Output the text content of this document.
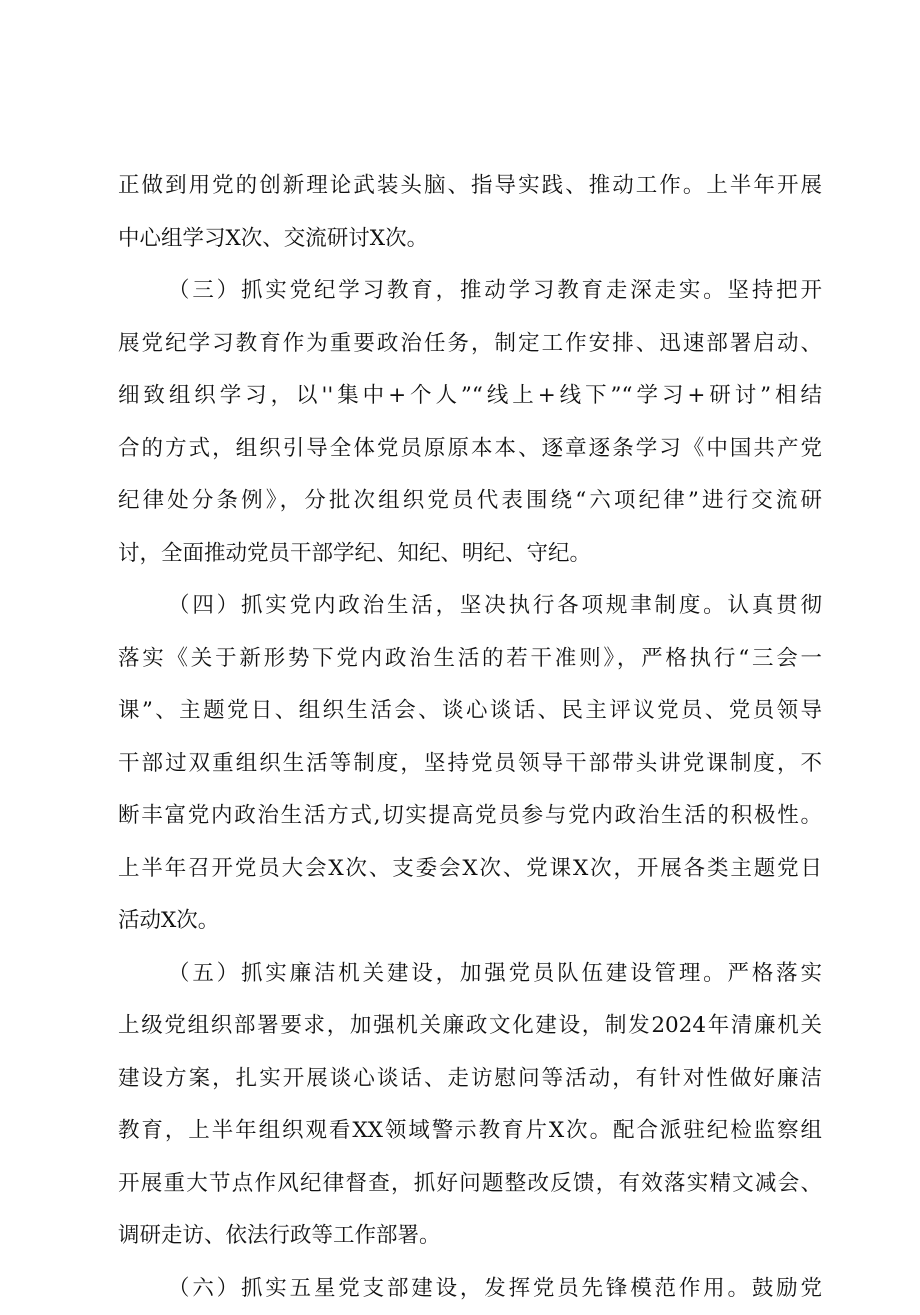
正做到用党的创新理论武装头脑、指导实践、推动工作。上半年开展
中心组学习X次、交流研讨X次。
（三）抓实党纪学习教育，推动学习教育走深走实。坚持把开
展党纪学习教育作为重要政治任务，制定工作安排、迅速部署启动、
细致组织学习，以''集中+个人”“线上+线下”“学习+研讨”相结
合的方式，组织引导全体党员原原本本、逐章逐条学习《中国共产党
纪律处分条例》，分批次组织党员代表围绕“六项纪律”进行交流研
讨，全面推动党员干部学纪、知纪、明纪、守纪。
（四）抓实党内政治生活，坚决执行各项规聿制度。认真贯彻
落实《关于新形势下党内政治生活的若干准则》，严格执行“三会一
课”、主题党日、组织生活会、谈心谈话、民主评议党员、党员领导
干部过双重组织生活等制度，坚持党员领导干部带头讲党课制度，不
断丰富党内政治生活方式,切实提高党员参与党内政治生活的积极性。
上半年召开党员大会X次、支委会X次、党课X次，开展各类主题党日
活动X次。
（五）抓实廉洁机关建设，加强党员队伍建设管理。严格落实
上级党组织部署要求，加强机关廉政文化建设，制发2024年清廉机关
建设方案，扎实开展谈心谈话、走访慰问等活动，有针对性做好廉洁
教育，上半年组织观看XX领域警示教育片X次。配合派驻纪检监察组
开展重大节点作风纪律督查，抓好问题整改反馈，有效落实精文减会、
调研走访、依法行政等工作部署。
（六）抓实五星党支部建设，发挥党员先锋模范作用。鼓励党
